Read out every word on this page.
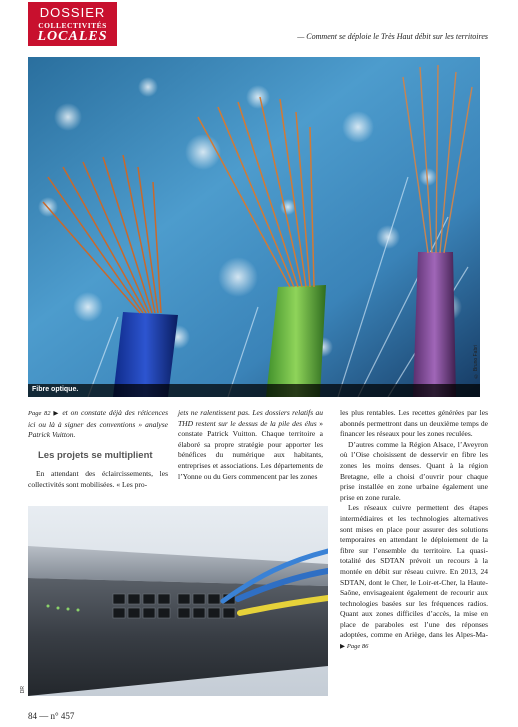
DOSSIER
COLLECTIVITÉS
LOCALES	— Comment se déploie le Très Haut débit sur les territoires
Fibre optique.
© Bruno Fabri

Page 82 ▶ et on constate déjà des réticences ici ou là à signer des conventions » analyse Patrick Vuitton.

Les projets se multiplient

En attendant des éclaircissements, les collectivités sont mobilisées. « Les pro-

jets ne ralentissent pas. Les dossiers relatifs au THD restent sur le dessus de la pile des élus » constate Patrick Vuitton. Chaque territoire a élaboré sa propre stratégie pour apporter les bénéfices du numérique aux habitants, entreprises et associations. Les départements de l’Yonne ou du Gers commencent par les zones

les plus rentables. Les recettes générées par les abonnés permettront dans un deuxième temps de financer les réseaux pour les zones reculées.

D’autres comme la Région Alsace, l’Aveyron où l’Oise choisissent de desservir en fibre les zones les moins denses. Quant à la région Bretagne, elle a choisi d’ouvrir pour chaque prise installée en zone urbaine également une prise en zone rurale.

Les réseaux cuivre permettent des étapes intermédiaires et les technologies alternatives sont mises en place pour assurer des solutions temporaires en attendant le déploiement de la fibre sur l’ensemble du territoire. La quasi-totalité des SDTAN prévoit un recours à la montée en débit sur réseau cuivre. En 2013, 24 SDTAN, dont le Cher, le Loir-et-Cher, la Haute-Saône, envisageaient également de recourir aux technologies basées sur les fréquences radios. Quant aux zones difficiles d’accès, la mise en place de paraboles est l’une des réponses adoptées, comme en Ariège, dans les Alpes-Ma- ▶ Page 86

DR
84 — n° 457
